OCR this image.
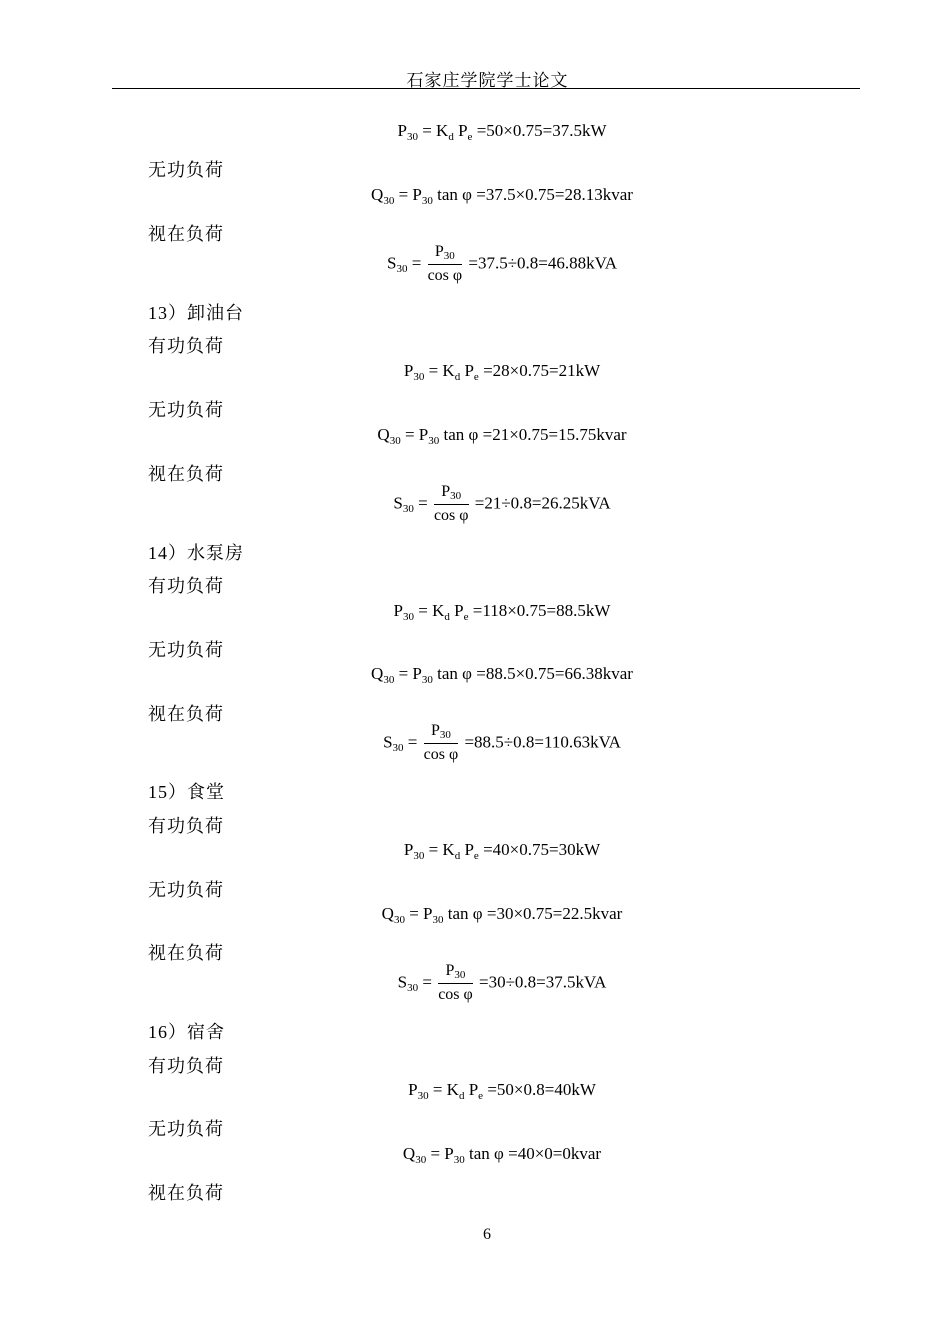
石家庄学院学士论文
$P_{30} = K_d$ $P_e =50\times 0.75=37.5kW$
无功负荷
$Q_{30} = P_{30}$ tan φ =37.5×0.75=28.13kvar
视在负荷
$S_{30} = \frac{P30}{\text{cos φ}} =37.5\div 0.8=46.88kVA$
13）卸油台
有功负荷
$P_{30} = K_d$ $P_e =28\times 0.75=21kW$
无功负荷
$Q_{30} = P_{30}$ tan φ =21×0.75=15.75kvar
视在负荷
$S_{30} = \frac{P30}{\text{cos φ}} =21\div 0.8=26.25kVA$
14）水泵房
有功负荷
$P_{30} = K_d$ $P_e =118\times 0.75=88.5kW$
无功负荷
$Q_{30} = P_{30}$ tan φ =88.5×0.75=66.38kvar
视在负荷
$S_{30} = \frac{P30}{\text{cos φ}} =88.5\div 0.8=110.63kVA$
15）食堂
有功负荷
$P_{30} = K_d$ $P_e =40\times 0.75=30kW$
无功负荷
$Q_{30} = P_{30}$ tan φ =30×0.75=22.5kvar
视在负荷
$S_{30} = \frac{P30}{\text{cos φ}} =30\div 0.8=37.5kVA$
16）宿舍
有功负荷
$P_{30} = K_d$ $P_e =50\times 0.8=40kW$
无功负荷
$Q_{30} = P_{30}$ tan φ =40×0=0kvar
视在负荷
6
